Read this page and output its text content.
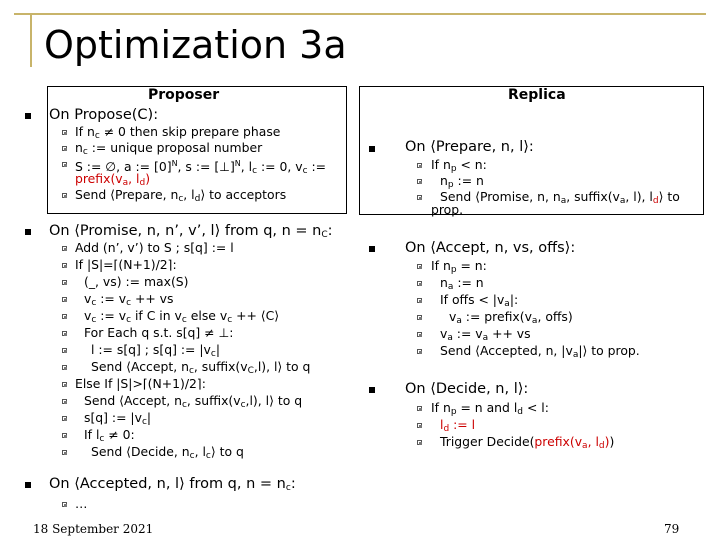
Optimization 3a
Proposer	Replica
On Propose(C):
If $n_c \ne 0$ then skip prepare phase
$n_c$ := unique proposal number
S := ∅, a := $[0]^N$, s := [⊥]$^N$, $l_c$ := 0, $v_c$ :=
$prefix(v_a$, $l_d$)
Send ⟨Prepare, $n_c$, $l_d⟩$ to acceptors
On ⟨Promise, n, n’, v’, l⟩ from q, $n = n_C$:
Add (n’, v’) to S ; s[q] := l
If |S|=⌈(N+1)/2⌉:
(_, vs) := max(S)
$v_c$ := $v_c$ ++ vs
$v_c$ := $v_c$ if C in $v_c$ else $v_c$ ++ ⟨C⟩
For Each q s.t. s[q] ≠ ⊥:
l := s[q] ; s[q] := $|v_c|$
Send ⟨Accept, $n_c$, $suffix(v_C,l)$, l⟩ to q
Else If |S|>⌈(N+1)/2⌉:
Send ⟨Accept, $n_c$, $suffix(v_c,l)$, l⟩ to q
s[q] := $|v_c|$
If $l_c \ne 0$:
Send ⟨Decide, $n_c$, $l_c⟩$ to q
On ⟨Accepted, n, l⟩ from q, $n = n_c$:
…
On ⟨Prepare, n, l⟩:
If $n_p < n$:
$n_p$ := n
Send ⟨Promise, n, $n_a$, $suffix(v_a$, l), $l_d⟩$ to
prop.
On ⟨Accept, n, vs, offs⟩:
If $n_p = n$:
$n_a$ := n
If offs < $|v_a|$:
$v_a$ := $prefix(v_a$, offs)
$v_a$ := $v_a$ ++ vs
Send ⟨Accepted, n, $|v_a|⟩$ to prop.
On ⟨Decide, n, l⟩:
If $n_p = n$ and $l_d < l$:
$l_d$ := l
Trigger $Decide(prefix(v_a$, $l_d$))
18 September 2021	79
